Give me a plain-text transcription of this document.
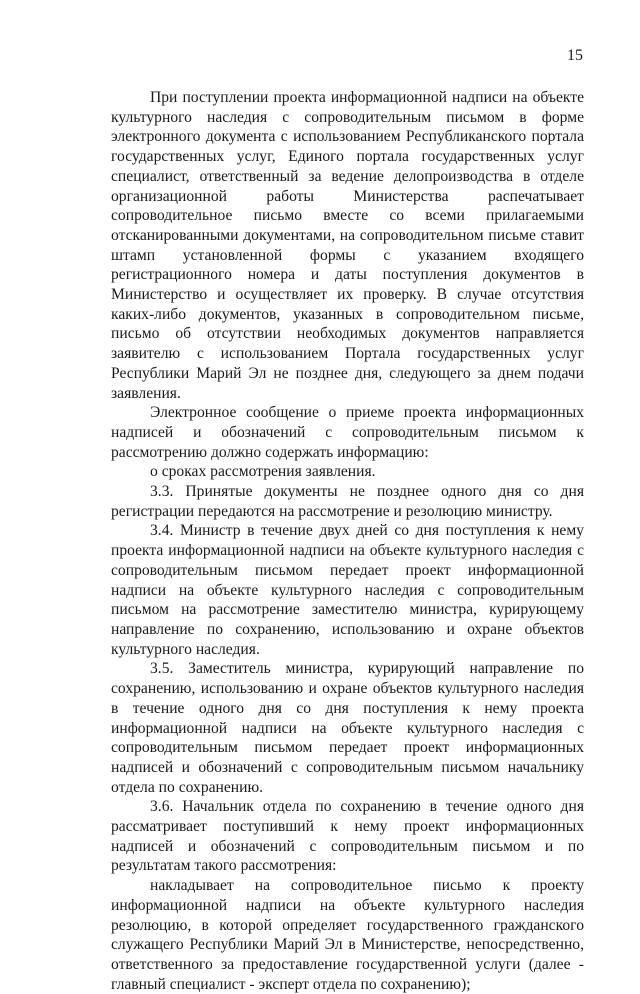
15

При поступлении проекта информационной надписи на объекте культурного наследия с сопроводительным письмом в форме электронного документа с использованием Республиканского портала государственных услуг, Единого портала государственных услуг специалист, ответственный за ведение делопроизводства в отделе организационной работы Министерства распечатывает сопроводительное письмо вместе со всеми прилагаемыми отсканированными документами, на сопроводительном письме ставит штамп установленной формы с указанием входящего регистрационного номера и даты поступления документов в Министерство и осуществляет их проверку. В случае отсутствия каких-либо документов, указанных в сопроводительном письме, письмо об отсутствии необходимых документов направляется заявителю с использованием Портала государственных услуг Республики Марий Эл не позднее дня, следующего за днем подачи заявления.

Электронное сообщение о приеме проекта информационных надписей и обозначений с сопроводительным письмом к рассмотрению должно содержать информацию:

о сроках рассмотрения заявления.

3.3. Принятые документы не позднее одного дня со дня регистрации передаются на рассмотрение и резолюцию министру.

3.4. Министр в течение двух дней со дня поступления к нему проекта информационной надписи на объекте культурного наследия с сопроводительным письмом передает проект информационной надписи на объекте культурного наследия с сопроводительным письмом на рассмотрение заместителю министра, курирующему направление по сохранению, использованию и охране объектов культурного наследия.

3.5. Заместитель министра, курирующий направление по сохранению, использованию и охране объектов культурного наследия в течение одного дня со дня поступления к нему проекта информационной надписи на объекте культурного наследия с сопроводительным письмом передает проект информационных надписей и обозначений с сопроводительным письмом начальнику отдела по сохранению.

3.6. Начальник отдела по сохранению в течение одного дня рассматривает поступивший к нему проект информационных надписей и обозначений с сопроводительным письмом и по результатам такого рассмотрения:

накладывает на сопроводительное письмо к проекту информационной надписи на объекте культурного наследия резолюцию, в которой определяет государственного гражданского служащего Республики Марий Эл в Министерстве, непосредственно, ответственного за предоставление государственной услуги (далее - главный специалист - эксперт отдела по сохранению);
